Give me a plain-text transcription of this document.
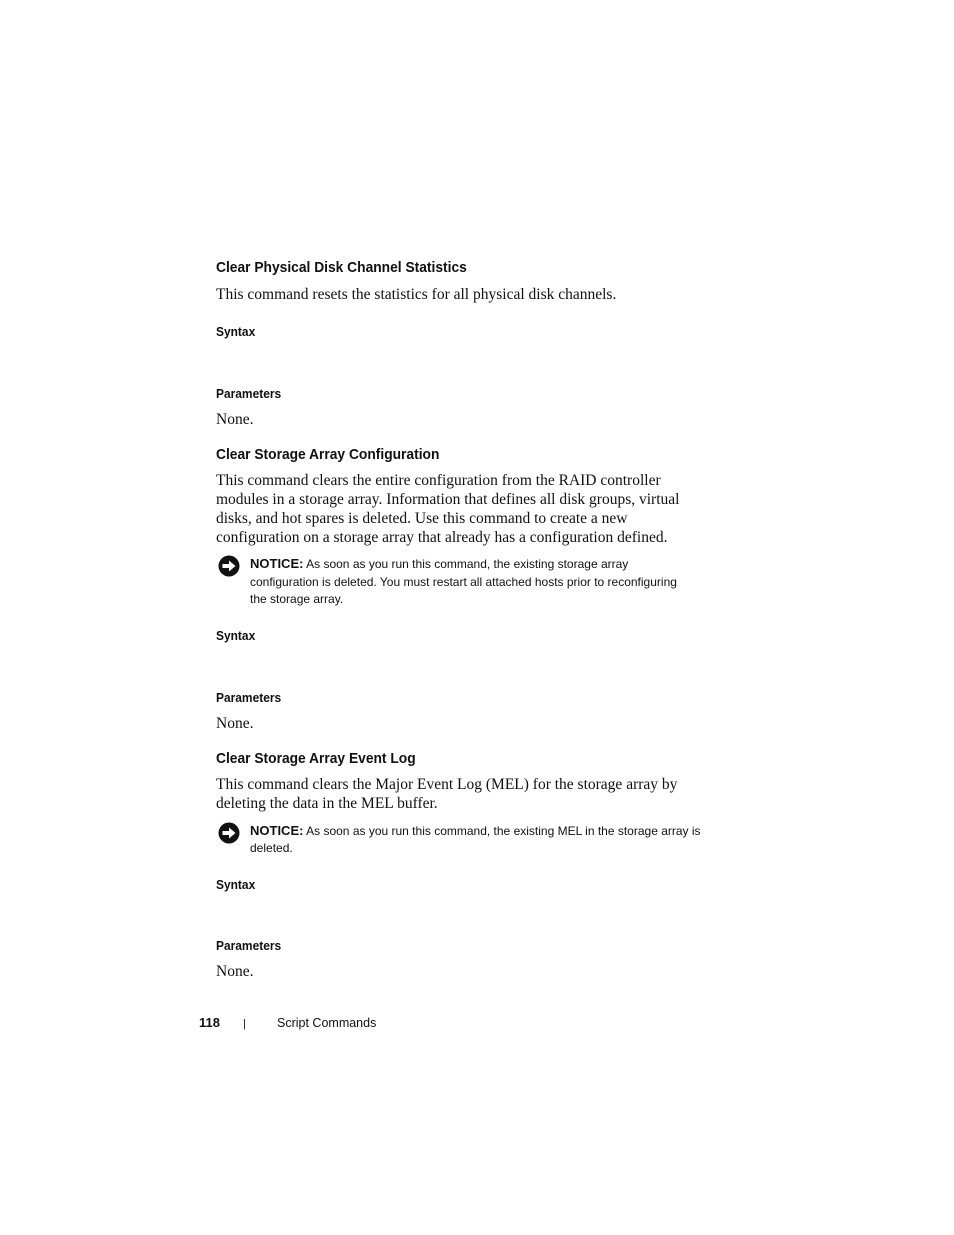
Clear Physical Disk Channel Statistics

This command resets the statistics for all physical disk channels.

Syntax
Parameters

None.

Clear Storage Array Configuration
This command clears the entire configuration from the RAID controller
modules in a storage array. Information that defines all disk groups, virtual
disks, and hot spares is deleted. Use this command to create a new
configuration on a storage array that already has a configuration defined.
NOTICE: As soon as you run this command, the existing storage array
configuration is deleted. You must restart all attached hosts prior to reconfiguring
the storage array.
Syntax
Parameters

None.

Clear Storage Array Event Log
This command clears the Major Event Log (MEL) for the storage array by
deleting the data in the MEL buffer.
NOTICE: As soon as you run this command, the existing MEL in the storage array is
deleted.
Syntax
Parameters

None.

118 | Script Commands
